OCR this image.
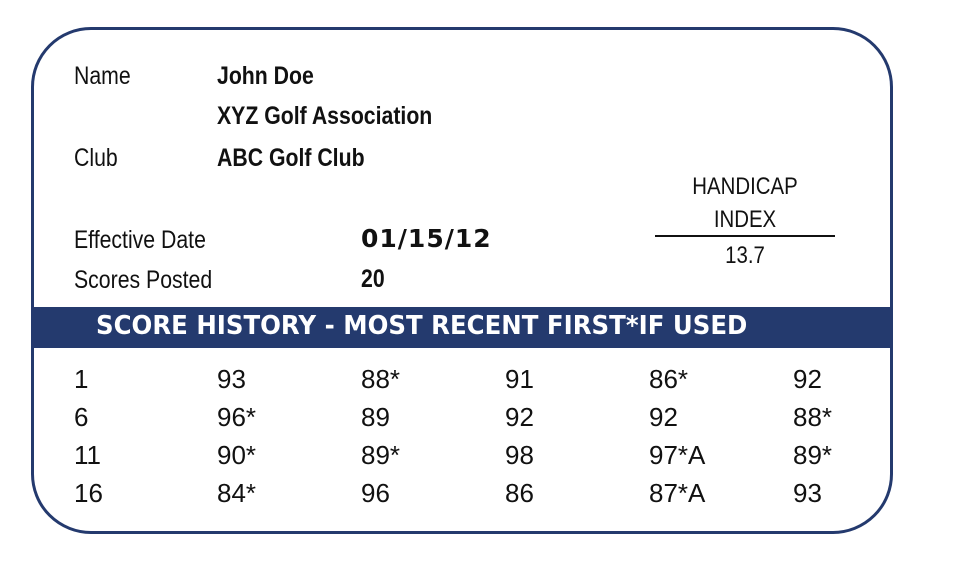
Name	John Doe
XYZ Golf Association
Club	ABC Golf Club
Effective Date	01/15/12
Scores Posted	20
HANDICAP
INDEX
13.7
SCORE HISTORY - MOST RECENT FIRST*IF USED
1	93	88*	91	86*	92
6	96*	89	92	92	88*
11	90*	89*	98	97*A	89*
16	84*	96	86	87*A	93
